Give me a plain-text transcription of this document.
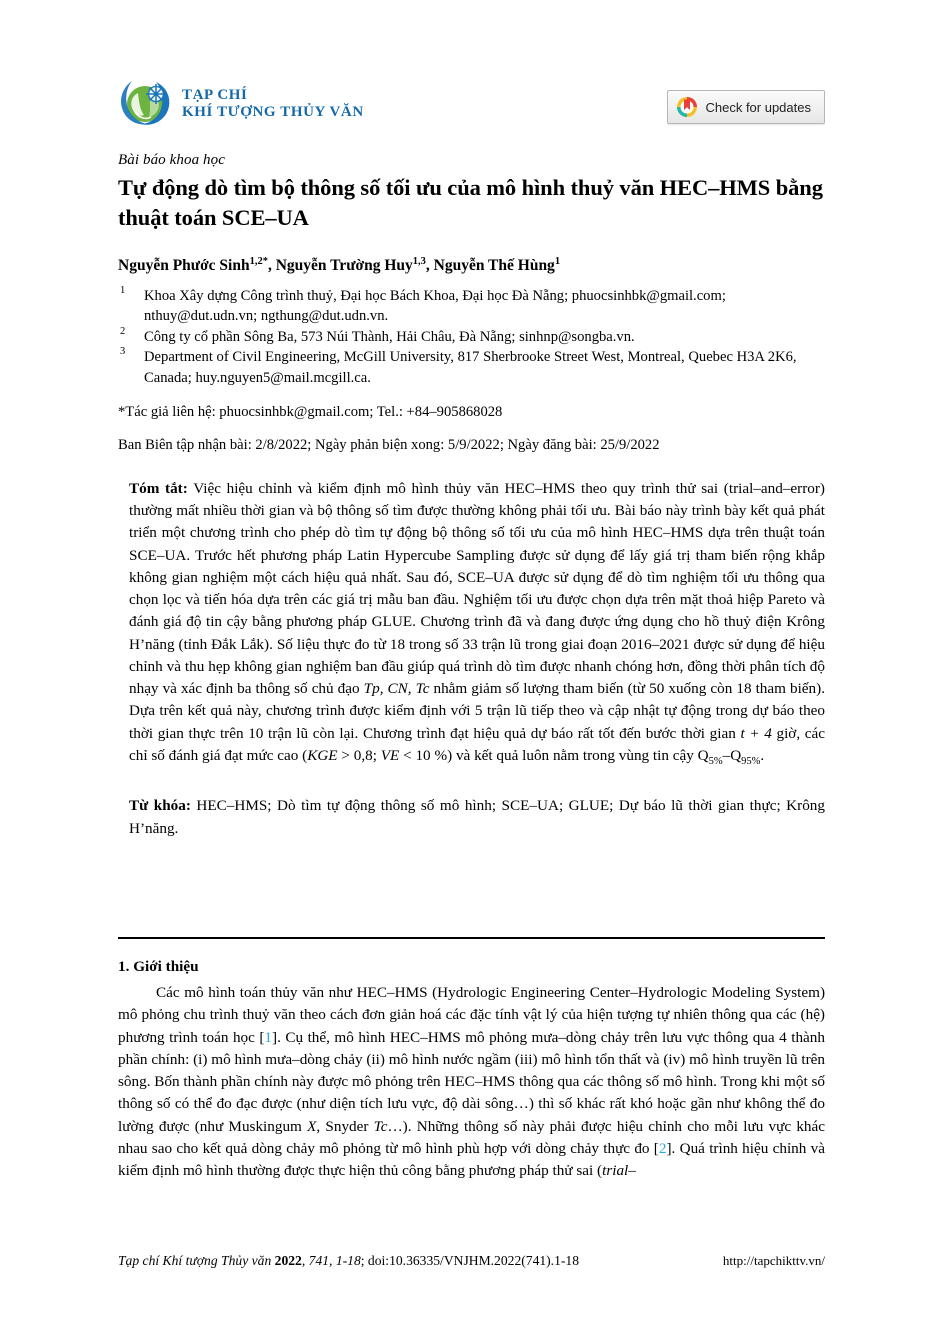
TẠP CHÍ
KHÍ TƯỢNG THỦY VĂN	Check for updates
Bài báo khoa học
Tự động dò tìm bộ thông số tối ưu của mô hình thuỷ văn HEC–HMS bằng thuật toán SCE–UA
Nguyễn Phước Sinh$^{1,2*}$, Nguyễn Trường Huy$^{1,3}$, Nguyễn Thế Hùng$^1$

1 Khoa Xây dựng Công trình thuỷ, Đại học Bách Khoa, Đại học Đà Nẵng; phuocsinhbk@gmail.com; nthuy@dut.udn.vn; ngthung@dut.udn.vn.

2 Công ty cổ phần Sông Ba, 573 Núi Thành, Hải Châu, Đà Nẵng; sinhnp@songba.vn.

3 Department of Civil Engineering, McGill University, 817 Sherbrooke Street West, Montreal, Quebec H3A 2K6, Canada; huy.nguyen5@mail.mcgill.ca.

*Tác giả liên hệ: phuocsinhbk@gmail.com; Tel.: +84–905868028
Ban Biên tập nhận bài: 2/8/2022; Ngày phản biện xong: 5/9/2022; Ngày đăng bài: 25/9/2022

Tóm tắt: Việc hiệu chỉnh và kiểm định mô hình thủy văn HEC–HMS theo quy trình thử sai (trial–and–error) thường mất nhiều thời gian và bộ thông số tìm được thường không phải tối ưu. Bài báo này trình bày kết quả phát triển một chương trình cho phép dò tìm tự động bộ thông số tối ưu của mô hình HEC–HMS dựa trên thuật toán SCE–UA. Trước hết phương pháp Latin Hypercube Sampling được sử dụng để lấy giá trị tham biến rộng khắp không gian nghiệm một cách hiệu quả nhất. Sau đó, SCE–UA được sử dụng để dò tìm nghiệm tối ưu thông qua chọn lọc và tiến hóa dựa trên các giá trị mẫu ban đầu. Nghiệm tối ưu được chọn dựa trên mặt thoả hiệp Pareto và đánh giá độ tin cậy bằng phương pháp GLUE. Chương trình đã và đang được ứng dụng cho hồ thuỷ điện Krông H’năng (tỉnh Đắk Lắk). Số liệu thực đo từ 18 trong số 33 trận lũ trong giai đoạn 2016–2021 được sử dụng để hiệu chỉnh và thu hẹp không gian nghiệm ban đầu giúp quá trình dò tìm được nhanh chóng hơn, đồng thời phân tích độ nhạy và xác định ba thông số chủ đạo Tp, CN, Tc nhằm giảm số lượng tham biến (từ 50 xuống còn 18 tham biến). Dựa trên kết quả này, chương trình được kiểm định với 5 trận lũ tiếp theo và cập nhật tự động trong dự báo theo thời gian thực trên 10 trận lũ còn lại. Chương trình đạt hiệu quả dự báo rất tốt đến bước thời gian t + 4 giờ, các chỉ số đánh giá đạt mức cao (KGE > 0,8; VE < 10 %) và kết quả luôn nằm trong vùng tin cậy $Q_{5\%}-Q_{95\%}$.

Từ khóa: HEC–HMS; Dò tìm tự động thông số mô hình; SCE–UA; GLUE; Dự báo lũ thời gian thực; Krông H’năng.

1. Giới thiệu

Các mô hình toán thủy văn như HEC–HMS (Hydrologic Engineering Center–Hydrologic Modeling System) mô phỏng chu trình thuỷ văn theo cách đơn giản hoá các đặc tính vật lý của hiện tượng tự nhiên thông qua các (hệ) phương trình toán học [1]. Cụ thể, mô hình HEC–HMS mô phỏng mưa–dòng chảy trên lưu vực thông qua 4 thành phần chính: (i) mô hình mưa–dòng chảy (ii) mô hình nước ngầm (iii) mô hình tổn thất và (iv) mô hình truyền lũ trên sông. Bốn thành phần chính này được mô phỏng trên HEC–HMS thông qua các thông số mô hình. Trong khi một số thông số có thể đo đạc được (như diện tích lưu vực, độ dài sông…) thì số khác rất khó hoặc gần như không thể đo lường được (như Muskingum X, Snyder Tc…). Những thông số này phải được hiệu chỉnh cho mỗi lưu vực khác nhau sao cho kết quả dòng chảy mô phỏng từ mô hình phù hợp với dòng chảy thực đo [2]. Quá trình hiệu chỉnh và kiểm định mô hình thường được thực hiện thủ công bằng phương pháp thử sai (trial–

Tạp chí Khí tượng Thủy văn 2022, 741, 1-18; doi:10.36335/VNJHM.2022(741).1-18	http://tapchikttv.vn/
